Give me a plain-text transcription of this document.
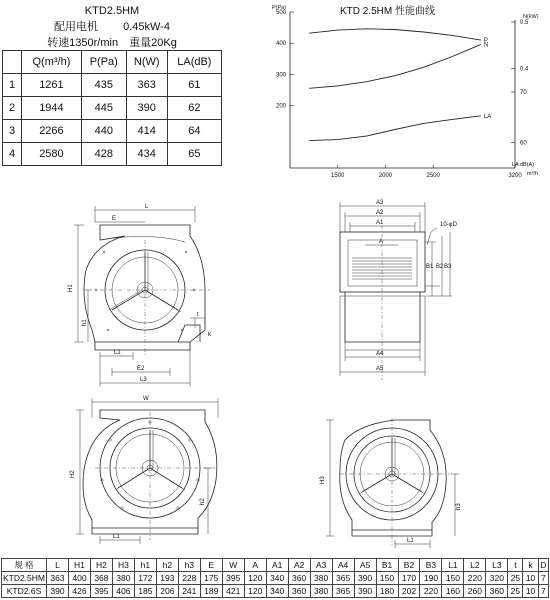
KTD2.5HM				
配用电机 0.45kW-4				
转速1350r/min 重量20Kg				
	Q(m³/h)	P(Pa)	N(W)	LA(dB)
1	1261	435	363	61
2	1944	445	390	62
3	2266	440	414	64
4	2580	428	434	65
KTD 2.5HM 性能曲线
P(Pa)
N(kW)
LA dB(A)
m³/h
500
400
300
200
1500	2000	2500	3200
0.5
0.4
70
60
N
P
LA
L
E
H1
h1
L1
E2
L3
t
k
A3
A2
A1
A
10-φD
B1 B2 B3
A4
A5
W
H2
h2
L1
H3
h3
L1
规 格	L	H1	H2	H3	h1	h2	h3	E	W	A	A1	A2	A3	A4	A5	B1	B2	B3	L1	L2	L3	t	k	D
KTD2.5HM	363	400	368	380	172	193	228	175	395	120	340	360	380	365	390	150	170	190	150	220	320	25	10	7
KTD2.6S	390	426	395	406	185	206	241	189	421	120	340	360	380	365	390	180	202	220	160	260	360	25	10	7
